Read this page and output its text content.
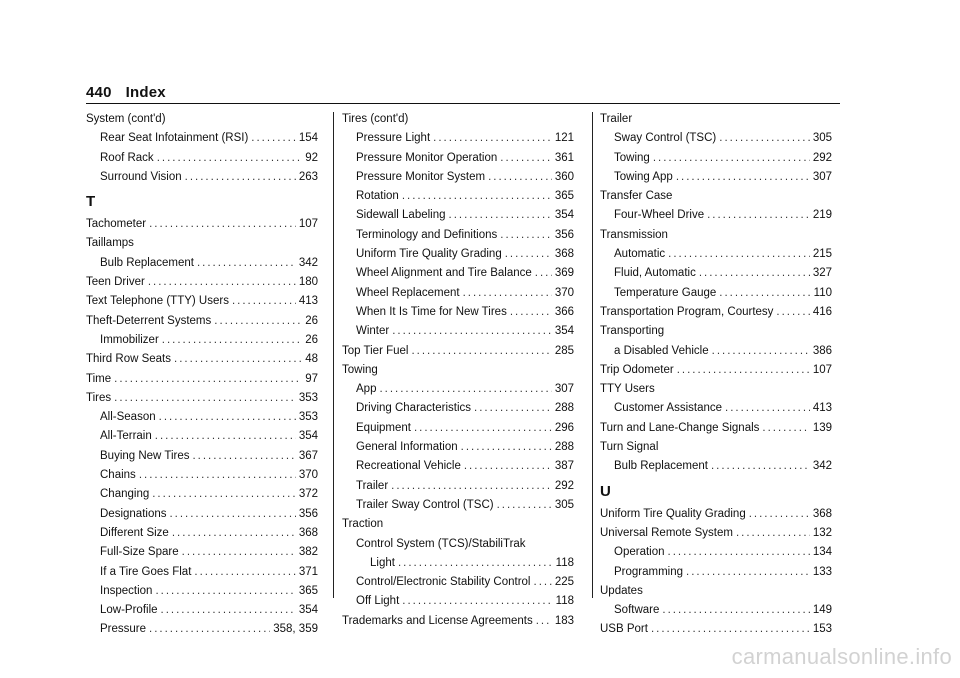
440 Index
System (cont'd)
Rear Seat Infotainment (RSI) . . .	154
Roof Rack . . .	92
Surround Vision . . .	263
T
Tachometer . . .	107
Taillamps
Bulb Replacement . . .	342
Teen Driver . . .	180
Text Telephone (TTY) Users . . .	413
Theft-Deterrent Systems . . .	26
Immobilizer . . .	26
Third Row Seats . . .	48
Time . . .	97
Tires . . .	353
All-Season . . .	353
All-Terrain . . .	354
Buying New Tires . . .	367
Chains . . .	370
Changing . . .	372
Designations . . .	356
Different Size . . .	368
Full-Size Spare . . .	382
If a Tire Goes Flat . . .	371
Inspection . . .	365
Low-Profile . . .	354
Pressure . . .	358, 359
Tires (cont'd)
Pressure Light . . .	121
Pressure Monitor Operation . . .	361
Pressure Monitor System . . .	360
Rotation . . .	365
Sidewall Labeling . . .	354
Terminology and Definitions . . .	356
Uniform Tire Quality Grading . . .	368
Wheel Alignment and Tire Balance . . . 369
Wheel Replacement . . .	370
When It Is Time for New Tires . . .	366
Winter . . .	354
Top Tier Fuel . . .	285
Towing
App . . .	307
Driving Characteristics . . .	288
Equipment . . .	296
General Information . . .	288
Recreational Vehicle . . .	387
Trailer . . .	292
Trailer Sway Control (TSC) . . .	305
Traction
Control System (TCS)/StabiliTrak
Light . . .	118
Control/Electronic Stability Control . . . 225
Off Light . . .	118
Trademarks and License Agreements . . . 183
Trailer
Sway Control (TSC) . . .	305
Towing . . .	292
Towing App . . .	307
Transfer Case
Four-Wheel Drive . . .	219
Transmission
Automatic . . .	215
Fluid, Automatic . . .	327
Temperature Gauge . . .	110
Transportation Program, Courtesy . . .	416
Transporting
a Disabled Vehicle . . .	386
Trip Odometer . . .	107
TTY Users
Customer Assistance . . .	413
Turn and Lane-Change Signals . . .	139
Turn Signal
Bulb Replacement . . .	342
U
Uniform Tire Quality Grading . . .	368
Universal Remote System . . .	132
Operation . . .	134
Programming . . .	133
Updates
Software . . .	149
USB Port . . .	153
carmanualsonline.info
